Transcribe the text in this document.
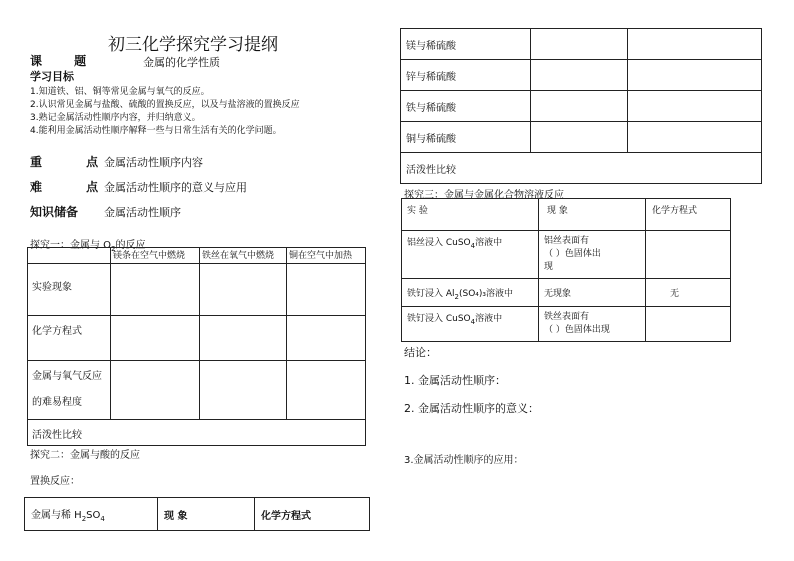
初三化学探究学习提纲
课 题	金属的化学性质
学习目标
1.知道铁、铝、铜等常见金属与氧气的反应。
2.认识常见金属与盐酸、硫酸的置换反应，以及与盐溶液的置换反应
3.熟记金属活动性顺序内容，并归纳意义。
4.能利用金属活动性顺序解释一些与日常生活有关的化学问题。
重 点
金属活动性顺序内容
难 点
金属活动性顺序的意义与应用
知识储备 金属活动性顺序
探究一：金属与 $O_2$的反应
	镁条在空气中燃烧	铁丝在氧气中燃烧	铜在空气中加热
实验现象			
化学方程式			

金属与氧气反应
的难易程度			

活泼性比较			
探究二：金属与酸的反应
置换反应：
金属与稀 $H_2SO_4$	现 象	化学方程式
镁与稀硫酸		
锌与稀硫酸		
铁与稀硫酸		
铜与稀硫酸		
活泼性比较		
探究三：金属与金属化合物溶液反应
实 验	现 象	化学方程式
铝丝浸入 CuSO$_4$溶液中	铝丝表面有
（ ）色固体出
现	

铁钉浸入 $Al_2(SO_4)_3$溶液中	无现象	无
铁钉浸入 CuSO$_4$溶液中	铁丝表面有
（ ）色固体出现	

结论：
1. 金属活动性顺序：
2. 金属活动性顺序的意义：
3.金属活动性顺序的应用：
